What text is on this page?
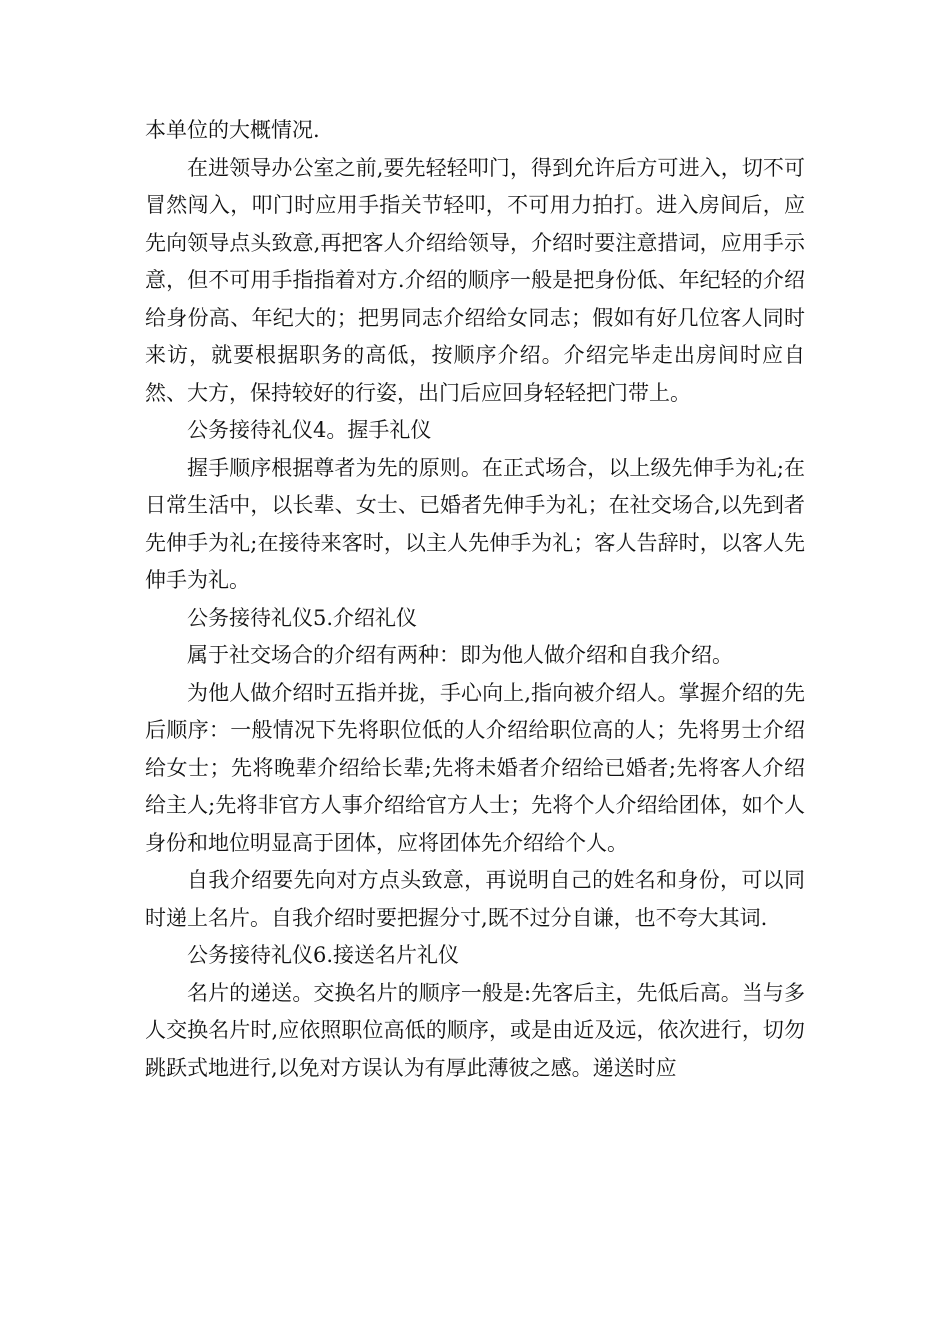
本单位的大概情况.

在进领导办公室之前,要先轻轻叩门，得到允许后方可进入，切不可冒然闯入，叩门时应用手指关节轻叩，不可用力拍打。进入房间后，应先向领导点头致意,再把客人介绍给领导，介绍时要注意措词，应用手示意，但不可用手指指着对方.介绍的顺序一般是把身份低、年纪轻的介绍给身份高、年纪大的；把男同志介绍给女同志；假如有好几位客人同时来访，就要根据职务的高低，按顺序介绍。介绍完毕走出房间时应自然、大方，保持较好的行姿，出门后应回身轻轻把门带上。

公务接待礼仪4。握手礼仪

握手顺序根据尊者为先的原则。在正式场合，以上级先伸手为礼;在日常生活中，以长辈、女士、已婚者先伸手为礼；在社交场合,以先到者先伸手为礼;在接待来客时，以主人先伸手为礼；客人告辞时，以客人先伸手为礼。

公务接待礼仪5.介绍礼仪

属于社交场合的介绍有两种：即为他人做介绍和自我介绍。

为他人做介绍时五指并拢，手心向上,指向被介绍人。掌握介绍的先后顺序：一般情况下先将职位低的人介绍给职位高的人；先将男士介绍给女士；先将晚辈介绍给长辈;先将未婚者介绍给已婚者;先将客人介绍给主人;先将非官方人事介绍给官方人士；先将个人介绍给团体，如个人身份和地位明显高于团体，应将团体先介绍给个人。

自我介绍要先向对方点头致意，再说明自己的姓名和身份，可以同时递上名片。自我介绍时要把握分寸,既不过分自谦，也不夸大其词.

公务接待礼仪6.接送名片礼仪

名片的递送。交换名片的顺序一般是:先客后主，先低后高。当与多人交换名片时,应依照职位高低的顺序，或是由近及远，依次进行，切勿跳跃式地进行,以免对方误认为有厚此薄彼之感。递送时应
